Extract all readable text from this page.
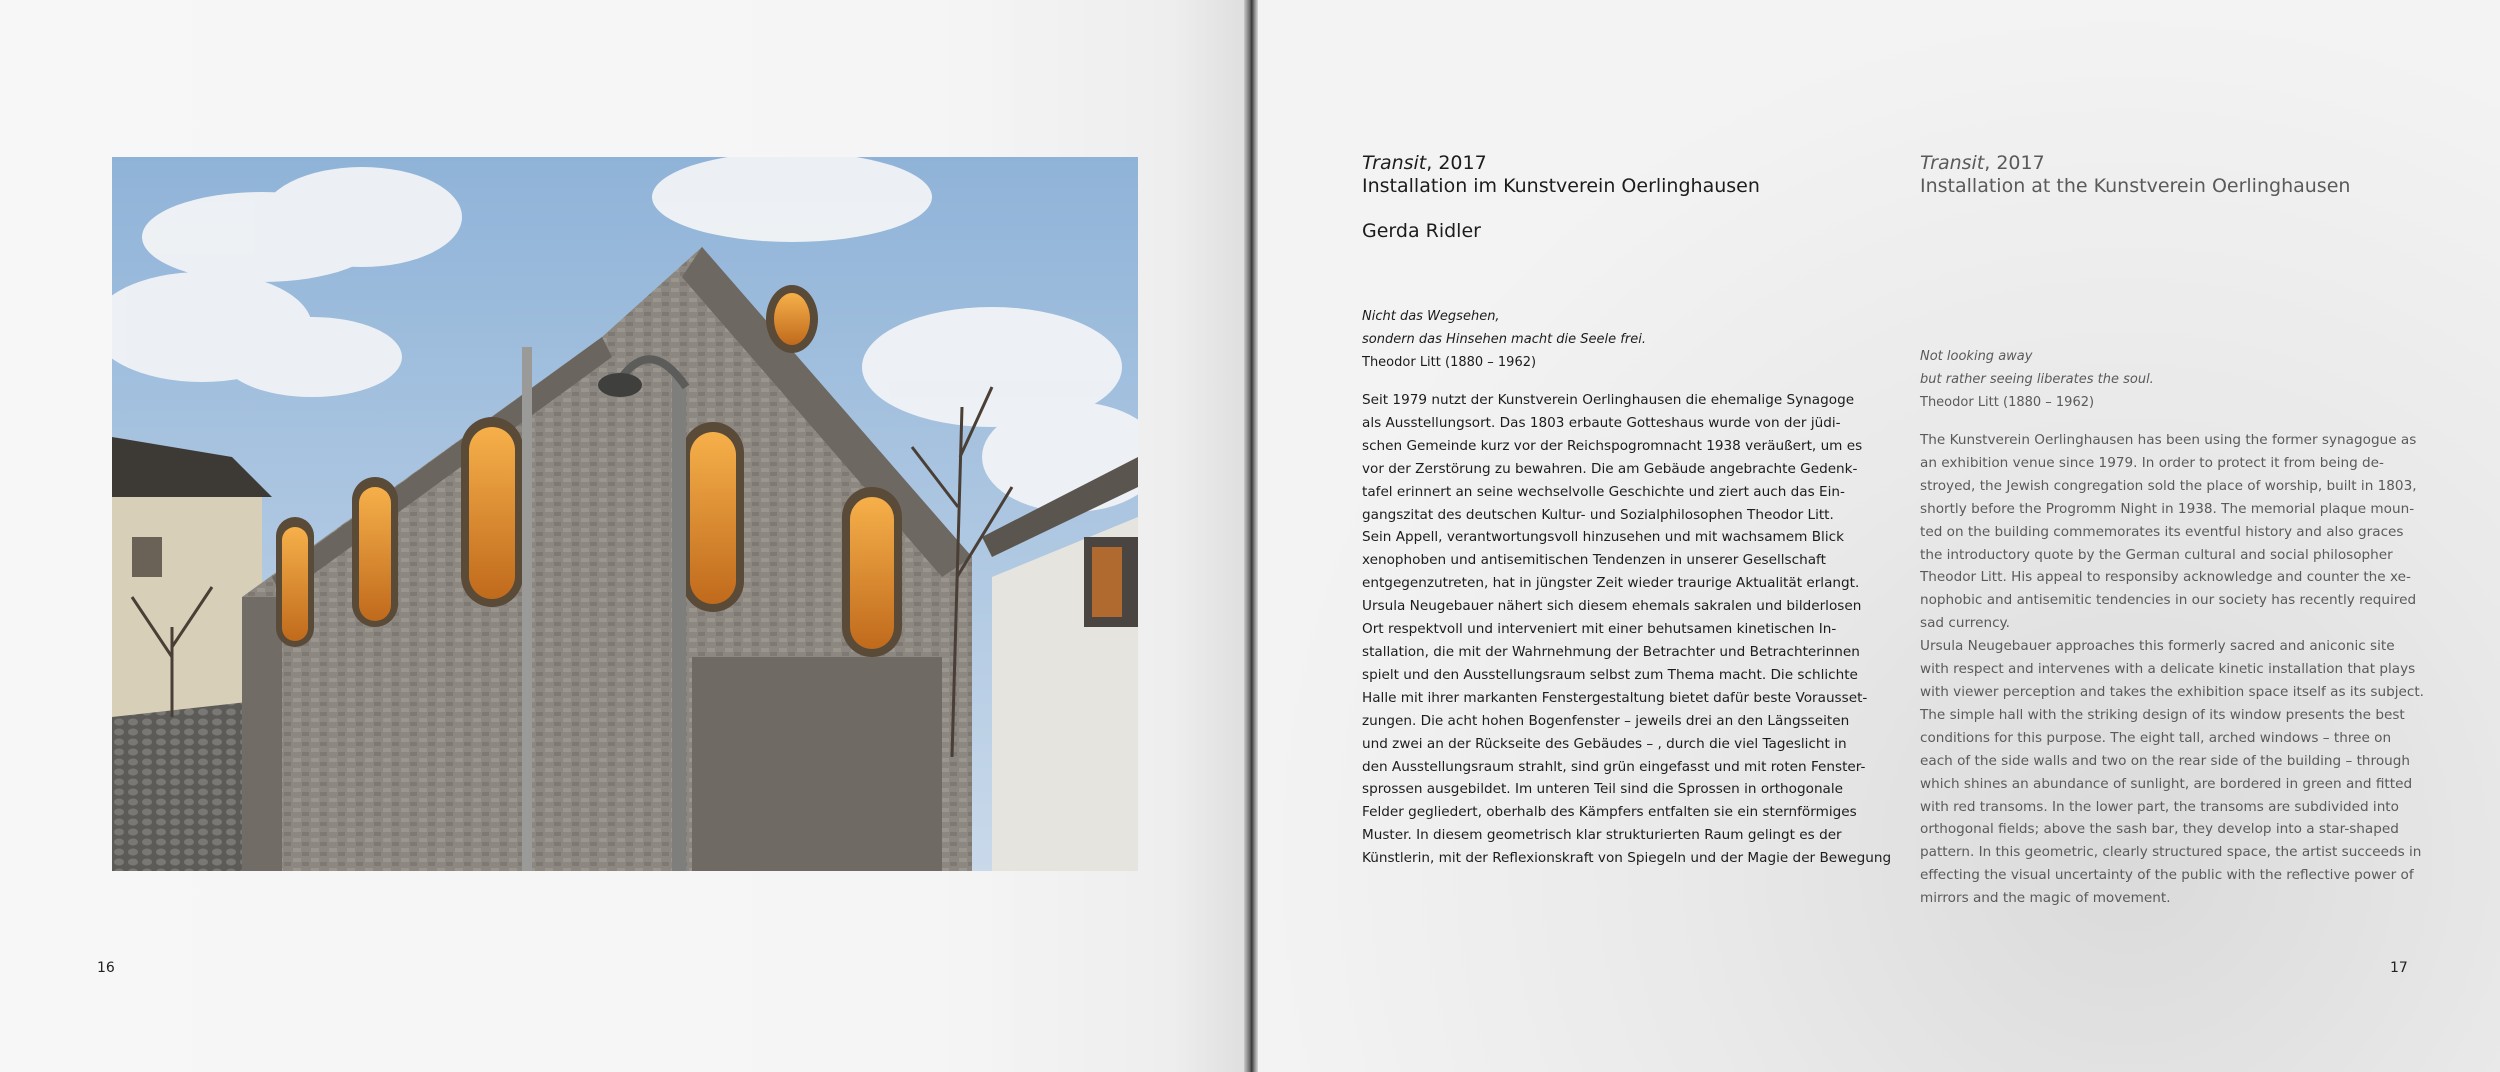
16

Transit, 2017

Installation im Kunstverein Oerlinghausen

Gerda Ridler

Nicht das Wegsehen,
sondern das Hinsehen macht die Seele frei.
Theodor Litt (1880 – 1962)

Seit 1979 nutzt der Kunstverein Oerlinghausen die ehemalige Synagoge

als Ausstellungsort. Das 1803 erbaute Gotteshaus wurde von der jüdi-

schen Gemeinde kurz vor der Reichspogromnacht 1938 veräußert, um es

vor der Zerstörung zu bewahren. Die am Gebäude angebrachte Gedenk-

tafel erinnert an seine wechselvolle Geschichte und ziert auch das Ein-

gangszitat des deutschen Kultur- und Sozialphilosophen Theodor Litt.

Sein Appell, verantwortungsvoll hinzusehen und mit wachsamem Blick

xenophoben und antisemitischen Tendenzen in unserer Gesellschaft

entgegenzutreten, hat in jüngster Zeit wieder traurige Aktualität erlangt.

Ursula Neugebauer nähert sich diesem ehemals sakralen und bilderlosen

Ort respektvoll und interveniert mit einer behutsamen kinetischen In-

stallation, die mit der Wahrnehmung der Betrachter und Betrachterinnen

spielt und den Ausstellungsraum selbst zum Thema macht. Die schlichte

Halle mit ihrer markanten Fenstergestaltung bietet dafür beste Vorausset-

zungen. Die acht hohen Bogenfenster – jeweils drei an den Längsseiten

und zwei an der Rückseite des Gebäudes – , durch die viel Tageslicht in

den Ausstellungsraum strahlt, sind grün eingefasst und mit roten Fenster-

sprossen ausgebildet. Im unteren Teil sind die Sprossen in orthogonale

Felder gegliedert, oberhalb des Kämpfers entfalten sie ein sternförmiges

Muster. In diesem geometrisch klar strukturierten Raum gelingt es der

Künstlerin, mit der Reflexionskraft von Spiegeln und der Magie der Bewegung

Transit, 2017

Installation at the Kunstverein Oerlinghausen

Not looking away
but rather seeing liberates the soul.
Theodor Litt (1880 – 1962)

The Kunstverein Oerlinghausen has been using the former synagogue as

an exhibition venue since 1979. In order to protect it from being de-

stroyed, the Jewish congregation sold the place of worship, built in 1803,

shortly before the Progromm Night in 1938. The memorial plaque moun-

ted on the building commemorates its eventful history and also graces

the introductory quote by the German cultural and social philosopher

Theodor Litt. His appeal to responsiby acknowledge and counter the xe-

nophobic and antisemitic tendencies in our society has recently required

sad currency.

Ursula Neugebauer approaches this formerly sacred and aniconic site

with respect and intervenes with a delicate kinetic installation that plays

with viewer perception and takes the exhibition space itself as its subject.

The simple hall with the striking design of its window presents the best

conditions for this purpose. The eight tall, arched windows – three on

each of the side walls and two on the rear side of the building – through

which shines an abundance of sunlight, are bordered in green and fitted

with red transoms. In the lower part, the transoms are subdivided into

orthogonal fields; above the sash bar, they develop into a star-shaped

pattern. In this geometric, clearly structured space, the artist succeeds in

effecting the visual uncertainty of the public with the reflective power of

mirrors and the magic of movement.

17
